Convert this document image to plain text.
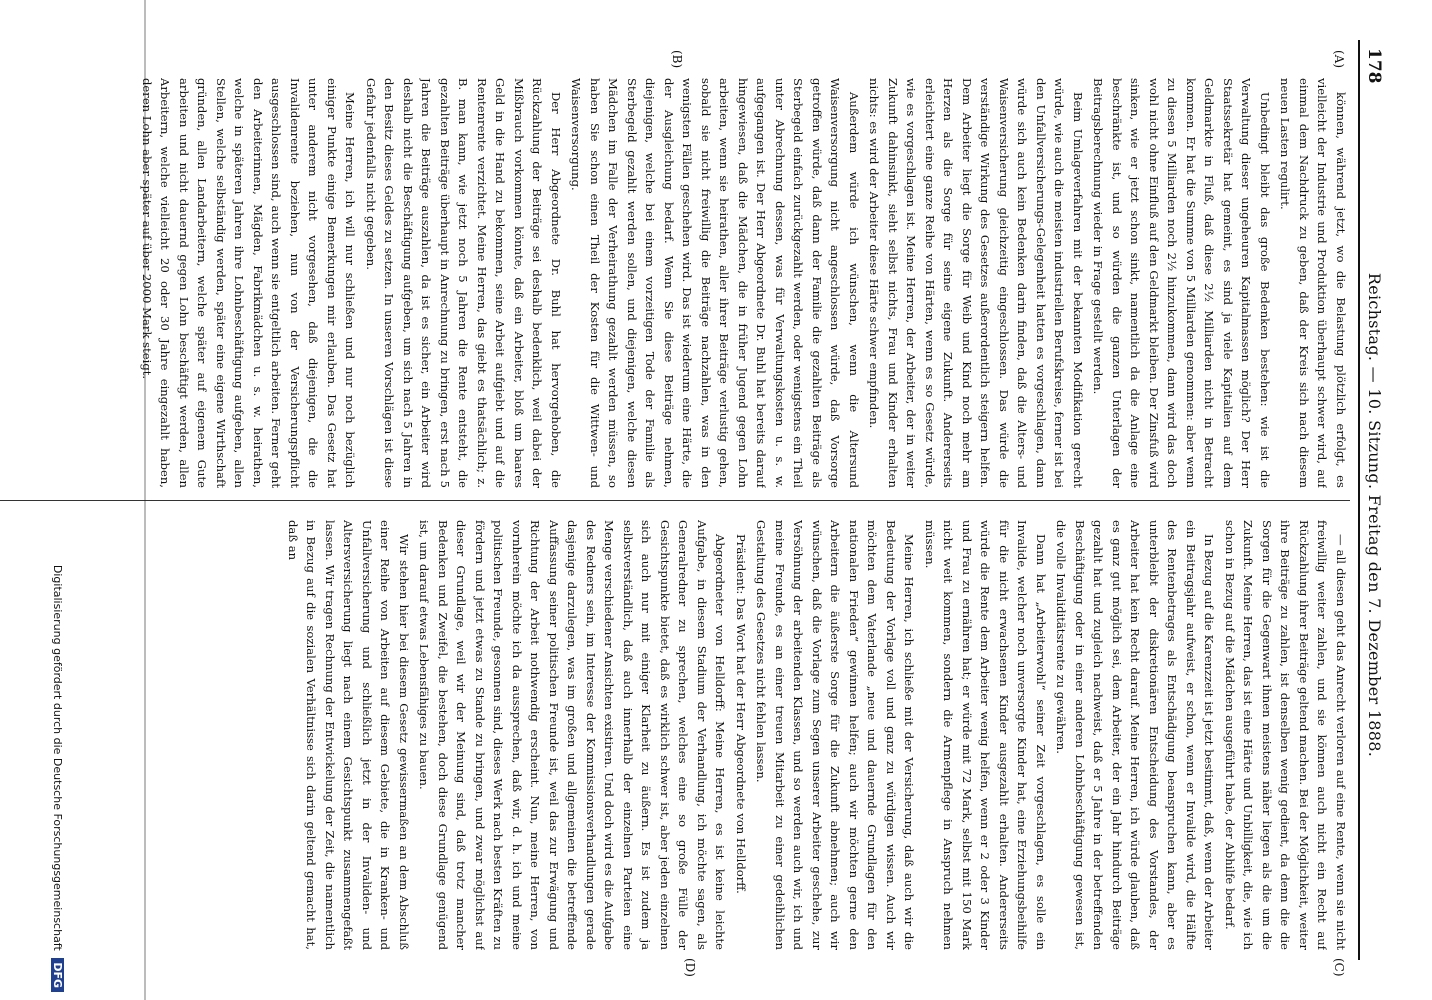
178
Reichstag. — 10. Sitzung. Freitag den 7. Dezember 1888.
(A)
(B)
(C)
(D)

können, während jetzt, wo die Belastung plötzlich erfolgt, es vielleicht der Industrie und Produktion überhaupt schwer wird, auf einmal dem Nachdruck zu geben, daß der Kreis sich nach diesem neuen Lasten regulirt.

Unbedingt bleibt das große Bedenken bestehen: wie ist die Verwaltung dieser ungeheuren Kapitalmassen möglich? Der Herr Staatssekretär hat gemeint, es sind ja viele Kapitalien auf dem Geldmarkte in Fluß, daß diese 2½ Milliarden nicht in Betracht kommen. Er hat die Summe von 5 Milliarden genommen: aber wenn zu diesen 5 Milliarden noch 2½ hinzukommen, dann wird das doch wohl nicht ohne Einfluß auf den Geldmarkt bleiben. Der Zinsfuß wird sinken, wie er jetzt schon sinkt, namentlich da die Anlage eine beschränkte ist, und so würden die ganzen Unterlagen der Beitragsberechnung wieder in Frage gestellt werden.

Beim Umlageverfahren mit der bekannten Modifikation gerecht würde, wie auch die meisten industriellen Berufskreise, ferner ist bei den Unfallversicherungs-Gelegenheit hatten es vorgeschlagen, dann würde sich auch kein Bedenken darin finden, daß die Alters- und Waisenversicherung gleichzeitig eingeschlossen. Das würde die verständige Wirkung des Gesetzes außerordentlich steigern helfen. Dem Arbeiter liegt die Sorge für Weib und Kind noch mehr am Herzen als die Sorge für seine eigene Zukunft. Andererseits erleichtert eine ganze Reihe von Härten, wenn es so Gesetz würde, wie es vorgeschlagen ist. Meine Herren, der Arbeiter, der in weiter Zukunft dahinsinkt, sieht selbst nichts, Frau und Kinder erhalten nichts: es wird der Arbeiter diese Härte schwer empfinden.

Außerdem würde ich wünschen, wenn die Altersund Waisenversorgung nicht angeschlossen würde, daß Vorsorge getroffen würde, daß dann der Familie die gezahlten Beiträge als Sterbegeld einfach zurückgezahlt werden, oder wenigstens ein Theil unter Abrechnung dessen, was für Verwaltungskosten u. s. w. aufgegangen ist. Der Herr Abgeordnete Dr. Buhl hat bereits darauf hingewiesen, daß die Mädchen, die in früher Jugend gegen Lohn arbeiten, wenn sie heirathen, aller ihrer Beiträge verlustig gehen, sobald sie nicht freiwillig die Beiträge nachzahlen, was in den wenigsten Fällen geschehen wird. Das ist wiederum eine Härte, die der Ausgleichung bedarf. Wenn Sie diese Beiträge nehmen, diejenigen, welche bei einem vorzeitigen Tode der Familie als Sterbegeld gezahlt werden sollen, und diejenigen, welche diesen Mädchen im Falle der Verheirathung gezahlt werden müssen, so haben Sie schon einen Theil der Kosten für die Wittwen- und Waisenversorgung.

Der Herr Abgeordnete Dr. Buhl hat hervorgehoben, die Rückzahlung der Beiträge sei deshalb bedenklich, weil dabei der Mißbrauch vorkommen könnte, daß ein Arbeiter, bloß um baares Geld in die Hand zu bekommen, seine Arbeit aufgiebt und auf die Rentenrente verzichtet. Meine Herren, das giebt es thatsächlich; z. B. man kann, wie jetzt noch 5 Jahren die Rente entsteht, die gezahlten Beiträge überhaupt in Anrechnung zu bringen, erst nach 5 Jahren die Beiträge auszahlen, da ist es sicher, ein Arbeiter wird deshalb nicht die Beschäftigung aufgeben, um sich nach 5 Jahren in den Besitz dieses Geldes zu setzen. In unseren Vorschlägen ist diese Gefahr jedenfalls nicht gegeben.

Meine Herren, ich will nur schließen und nur noch bezüglich einiger Punkte einige Bemerkungen mir erlauben. Das Gesetz hat unter anderem nicht vorgesehen, daß diejenigen, die die Invalidenrente beziehen, nun von der Versicherungspflicht ausgeschlossen sind, auch wenn sie entgeltlich arbeiten. Ferner geht den Arbeiterinnen, Mägden, Fabrikmädchen u. s. w. heirathen, welche in späteren Jahren ihre Lohnbeschäftigung aufgeben, allen Stellen, welche selbständig werden, später eine eigene Wirthschaft gründen, allen Landarbeitern, welche später auf eigenem Gute arbeiten und nicht dauernd gegen Lohn beschäftigt werden, allen Arbeitern, welche vielleicht 20 oder 30 Jahre eingezahlt haben, deren Lohn aber später auf über 2000 Mark steigt.

— all diesen geht das Anrecht verloren auf eine Rente, wenn sie nicht freiwillig weiter zahlen, und sie können auch nicht ein Recht auf Rückzahlung ihrer Beiträge geltend machen. Bei der Möglichkeit, weiter ihre Beiträge zu zahlen, ist denselben wenig gedient, da denn die die Sorgen für die Gegenwart ihnen meistens näher liegen als die um die Zukunft. Meine Herren, das ist eine Härte und Unbilligkeit, die, wie ich schon in Bezug auf die Mädchen ausgeführt habe, der Abhilfe bedarf.

In Bezug auf die Karenzzeit ist jetzt bestimmt, daß, wenn der Arbeiter ein Beitragsjahr aufweist, er schon, wenn er Invalide wird, die Hälfte des Rentenbetrages als Entschädigung beanspruchen kann, aber es unterbleibt der diskretionären Entscheidung des Vorstandes, der Arbeiter hat kein Recht darauf. Meine Herren, ich würde glauben, daß es ganz gut möglich sei, dem Arbeiter, der ein Jahr hindurch Beiträge gezahlt hat und zugleich nachweist, daß er 5 Jahre in der betreffenden Beschäftigung oder in einer anderen Lohnbeschäftigung gewesen ist, die volle Invaliditätsrente zu gewähren.

Dann hat „Arbeiterwohl“ seiner Zeit vorgeschlagen, es solle ein Invalide, welcher noch unversorgte Kinder hat, eine Erziehungsbeihilfe für die nicht erwachsenen Kinder ausgezahlt erhalten. Andererseits würde die Rente dem Arbeiter wenig helfen, wenn er 2 oder 3 Kinder und Frau zu ernähren hat; er würde mit 72 Mark, selbst mit 150 Mark nicht weit kommen, sondern die Armenpflege in Anspruch nehmen müssen.

Meine Herren, ich schließe mit der Versicherung, daß auch wir die Bedeutung der Vorlage voll und ganz zu würdigen wissen. Auch wir möchten dem Vaterlande „neue und dauernde Grundlagen für den nationalen Frieden“ gewinnen helfen; auch wir möchten gerne den Arbeitern die äußerste Sorge für die Zukunft abnehmen; auch wir wünschen, daß die Vorlage zum Segen unserer Arbeiter geschehe, zur Versöhnung der arbeitenden Klassen, und so werden auch wir, ich und meine Freunde, es an einer treuen Mitarbeit zu einer gedeihlichen Gestaltung des Gesetzes nicht fehlen lassen.

Präsident: Das Wort hat der Herr Abgeordnete von Helldorff.

Abgeordneter von Helldorff: Meine Herren, es ist keine leichte Aufgabe, in diesem Stadium der Verhandlung, ich möchte sagen, als Generalredner zu sprechen, welches eine so große Fülle der Gesichtspunkte bietet, daß es wirklich schwer ist, aber jeden einzelnen sich auch nur mit einiger Klarheit zu äußern. Es ist zudem ja selbstverständlich, daß auch innerhalb der einzelnen Parteien eine Menge verschiedener Ansichten existiren. Und doch wird es die Aufgabe des Redners sein, im Interesse der Kommissionsverhandlungen gerade dasjenige darzulegen, was im großen und allgemeinen die betreffende Auffassung seiner politischen Freunde ist, weil das zur Erwägung und Richtung der Arbeit nothwendig erscheint. Nun, meine Herren, von vornherein möchte ich da aussprechen, daß wir, d. h. ich und meine politischen Freunde, gesonnen sind, dieses Werk nach besten Kräften zu fördern und jetzt etwas zu Stande zu bringen, und zwar möglichst auf dieser Grundlage, weil wir der Meinung sind, daß trotz mancher Bedenken und Zweifel, die bestehen, doch diese Grundlage genügend ist, um darauf etwas Lebensfähiges zu bauen.

Wir stehen hier bei diesem Gesetz gewissermaßen an dem Abschluß einer Reihe von Arbeiten auf diesem Gebiete, die in Kranken- und Unfallversicherung und schließlich jetzt in der Invaliden- und Altersversicherung liegt nach einem Gesichtspunkt zusammengefaßt lassen. Wir tragen Rechnung der Entwickelung der Zeit, die namentlich in Bezug auf die sozialen Verhältnisse sich darin geltend gemacht hat, daß an

Digitalisierung gefördert durch die Deutsche Forschungsgemeinschaft DFG
